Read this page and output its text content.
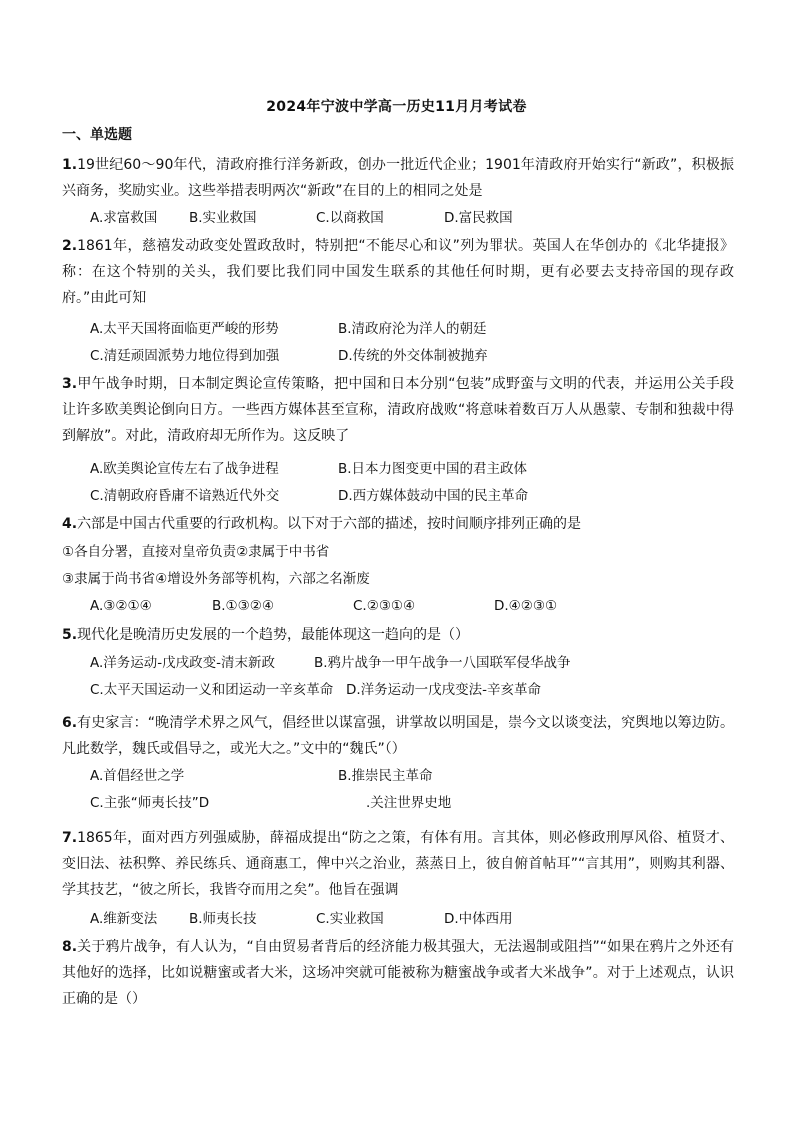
2024年宁波中学高一历史11月月考试卷
一、单选题
1.19世纪60～90年代，清政府推行洋务新政，创办一批近代企业；1901年清政府开始实行“新政”，积极振兴商务，奖励实业。这些举措表明两次“新政”在目的上的相同之处是
A.求富救国 B.实业救国	C.以商救国	D.富民救国
2.1861年，慈禧发动政变处置政敌时，特别把“不能尽心和议”列为罪状。英国人在华创办的《北华捷报》称：在这个特别的关头，我们要比我们同中国发生联系的其他任何时期，更有必要去支持帝国的现存政府。”由此可知
A.太平天国将面临更严峻的形势	B.清政府沦为洋人的朝廷
C.清廷顽固派势力地位得到加强	D.传统的外交体制被抛弃
3.甲午战争时期，日本制定舆论宣传策略，把中国和日本分别“包装”成野蛮与文明的代表，并运用公关手段让许多欧美舆论倒向日方。一些西方媒体甚至宣称，清政府战败“将意味着数百万人从愚蒙、专制和独裁中得到解放”。对此，清政府却无所作为。这反映了
A.欧美舆论宣传左右了战争进程	B.日本力图变更中国的君主政体
C.清朝政府昏庸不谙熟近代外交	D.西方媒体鼓动中国的民主革命
4.六部是中国古代重要的行政机构。以下对于六部的描述，按时间顺序排列正确的是
①各自分署，直接对皇帝负责②隶属于中书省
③隶属于尚书省④增设外务部等机构，六部之名渐废
A.③②①④	B.①③②④	C.②③①④	D.④②③①
5.现代化是晚清历史发展的一个趋势，最能体现这一趋向的是（）
A.洋务运动-戊戌政变-清末新政	B.鸦片战争一甲午战争一八国联军侵华战争
C.太平天国运动一义和团运动一辛亥革命 D.洋务运动一戊戌变法-辛亥革命
6.有史家言：“晚清学术界之风气，倡经世以谋富强，讲掌故以明国是，崇今文以谈变法，究舆地以筹边防。凡此数学，魏氏或倡导之，或光大之。”文中的“魏氏”（）
A.首倡经世之学	B.推崇民主革命
C.主张“师夷长技”D	.关注世界史地
7.1865年，面对西方列强威胁，薛福成提出“防之之策，有体有用。言其体，则必修政刑厚风俗、植贤才、变旧法、祛积弊、养民练兵、通商惠工，俾中兴之治业，蒸蒸日上，彼自俯首帖耳”“言其用”，则购其利器、学其技艺，“彼之所长，我皆夺而用之矣”。他旨在强调
A.维新变法 B.师夷长技	C.实业救国	D.中体西用
8.关于鸦片战争，有人认为，“自由贸易者背后的经济能力极其强大，无法遏制或阻挡”“如果在鸦片之外还有其他好的选择，比如说糖蜜或者大米，这场冲突就可能被称为糖蜜战争或者大米战争”。对于上述观点，认识正确的是（）
